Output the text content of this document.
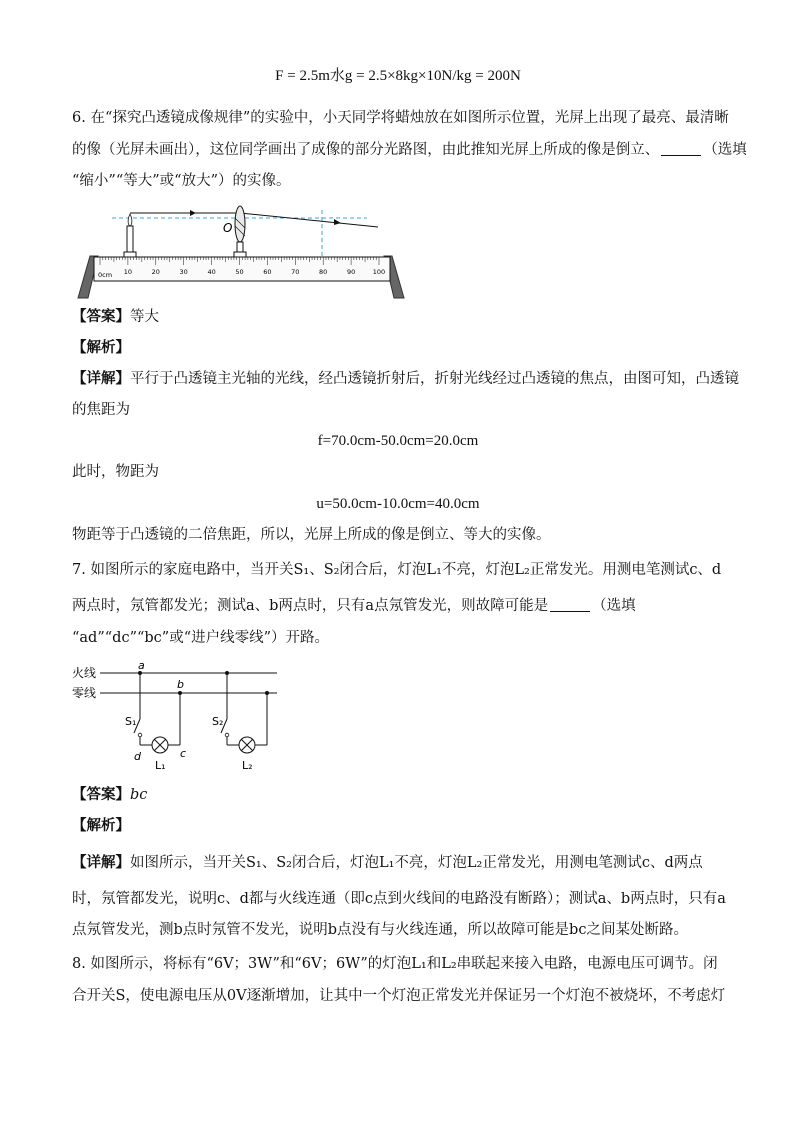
F = 2.5m水g = 2.5×8kg×10N/kg = 200N
6. 在“探究凸透镜成像规律”的实验中，小天同学将蜡烛放在如图所示位置，光屏上出现了最亮、最清晰
的像（光屏未画出），这位同学画出了成像的部分光路图，由此推知光屏上所成的像是倒立、	（选填
“缩小”“等大”或“放大”）的实像。
O
0cm 10	20	30	40	50	60	70	80	90	100
【答案】等大
【解析】
【详解】平行于凸透镜主光轴的光线，经凸透镜折射后，折射光线经过凸透镜的焦点，由图可知，凸透镜
的焦距为
f=70.0cm-50.0cm=20.0cm
此时，物距为
u=50.0cm-10.0cm=40.0cm
物距等于凸透镜的二倍焦距，所以，光屏上所成的像是倒立、等大的实像。
7. 如图所示的家庭电路中，当开关S₁、S₂闭合后，灯泡L₁不亮，灯泡L₂正常发光。用测电笔测试c、d
两点时，氖管都发光；测试a、b两点时，只有a点氖管发光，则故障可能是	（选填
“ad”“dc”“bc”或“进户线零线”）开路。
火线
零线
a
b
c
d
S₁
L₁
S₂
L₂
【答案】bc
【解析】
【详解】如图所示，当开关S₁、S₂闭合后，灯泡L₁不亮，灯泡L₂正常发光，用测电笔测试c、d两点
时，氖管都发光，说明c、d都与火线连通（即c点到火线间的电路没有断路）；测试a、b两点时，只有a
点氖管发光，测b点时氖管不发光，说明b点没有与火线连通，所以故障可能是bc之间某处断路。
8. 如图所示，将标有“6V；3W”和“6V；6W”的灯泡L₁和L₂串联起来接入电路，电源电压可调节。闭
合开关S，使电源电压从0V逐渐增加，让其中一个灯泡正常发光并保证另一个灯泡不被烧坏，不考虑灯
